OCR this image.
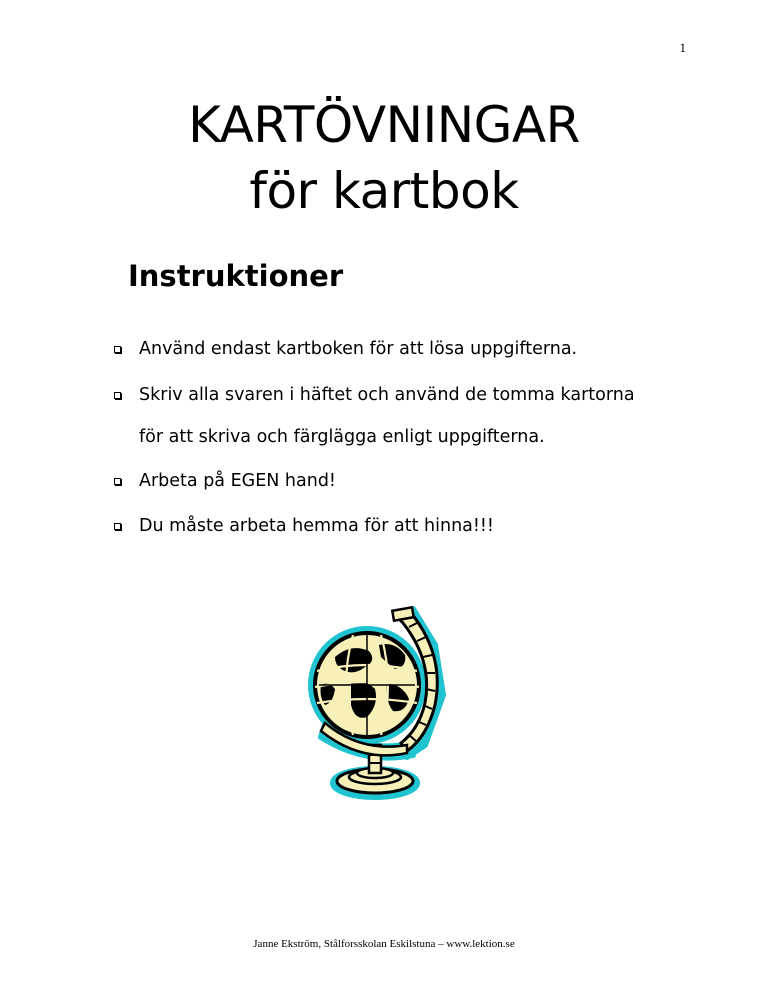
1
KARTÖVNINGAR
för kartbok
Instruktioner
Använd endast kartboken för att lösa uppgifterna.
Skriv alla svaren i häftet och använd de tomma kartorna
för att skriva och färglägga enligt uppgifterna.
Arbeta på EGEN hand!
Du måste arbeta hemma för att hinna!!!
Janne Ekström, Stålforsskolan Eskilstuna – www.lektion.se
